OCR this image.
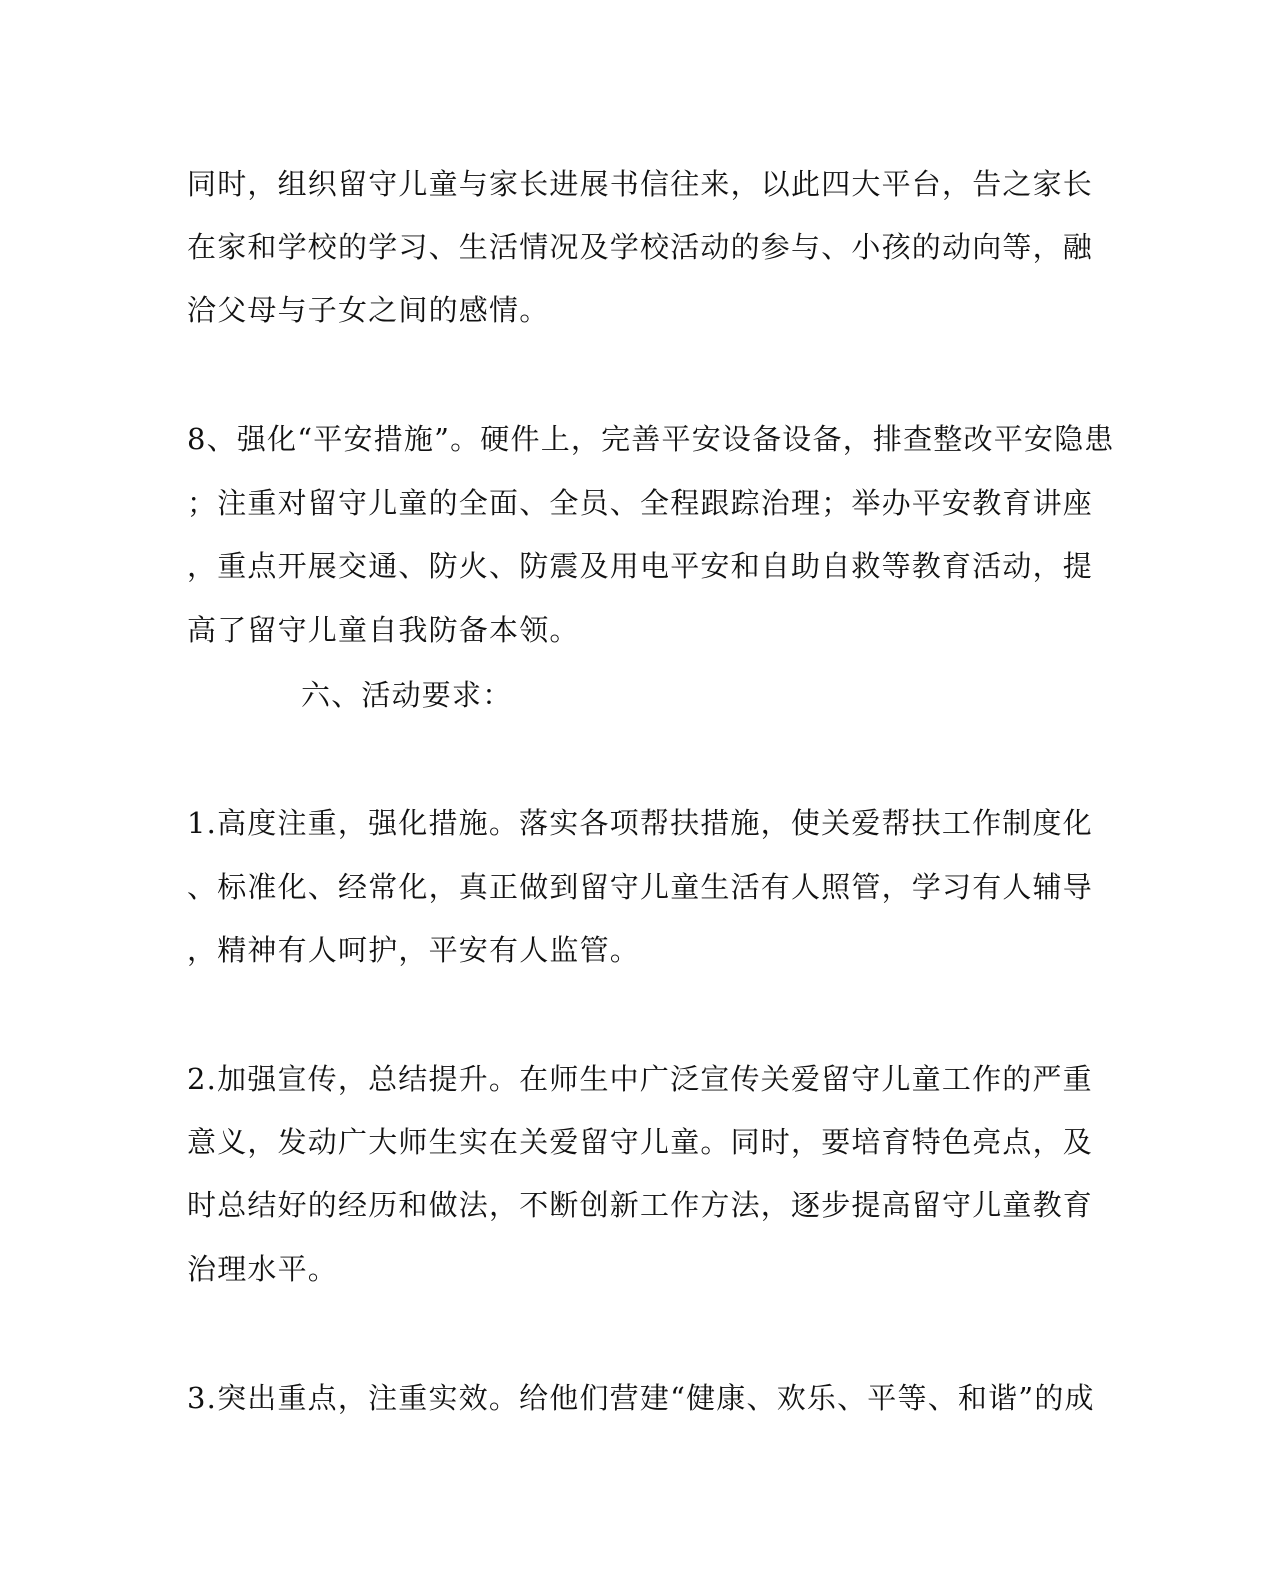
同时，组织留守儿童与家长进展书信往来，以此四大平台，告之家长
在家和学校的学习、生活情况及学校活动的参与、小孩的动向等，融
洽父母与子女之间的感情。
8、强化“平安措施”。硬件上，完善平安设备设备，排查整改平安隐患
；注重对留守儿童的全面、全员、全程跟踪治理；举办平安教育讲座
，重点开展交通、防火、防震及用电平安和自助自救等教育活动，提
高了留守儿童自我防备本领。
六、活动要求：
1.高度注重，强化措施。落实各项帮扶措施，使关爱帮扶工作制度化
、标准化、经常化，真正做到留守儿童生活有人照管，学习有人辅导
，精神有人呵护，平安有人监管。
2.加强宣传，总结提升。在师生中广泛宣传关爱留守儿童工作的严重
意义，发动广大师生实在关爱留守儿童。同时，要培育特色亮点，及
时总结好的经历和做法，不断创新工作方法，逐步提高留守儿童教育
治理水平。
3.突出重点，注重实效。给他们营建“健康、欢乐、平等、和谐”的成
